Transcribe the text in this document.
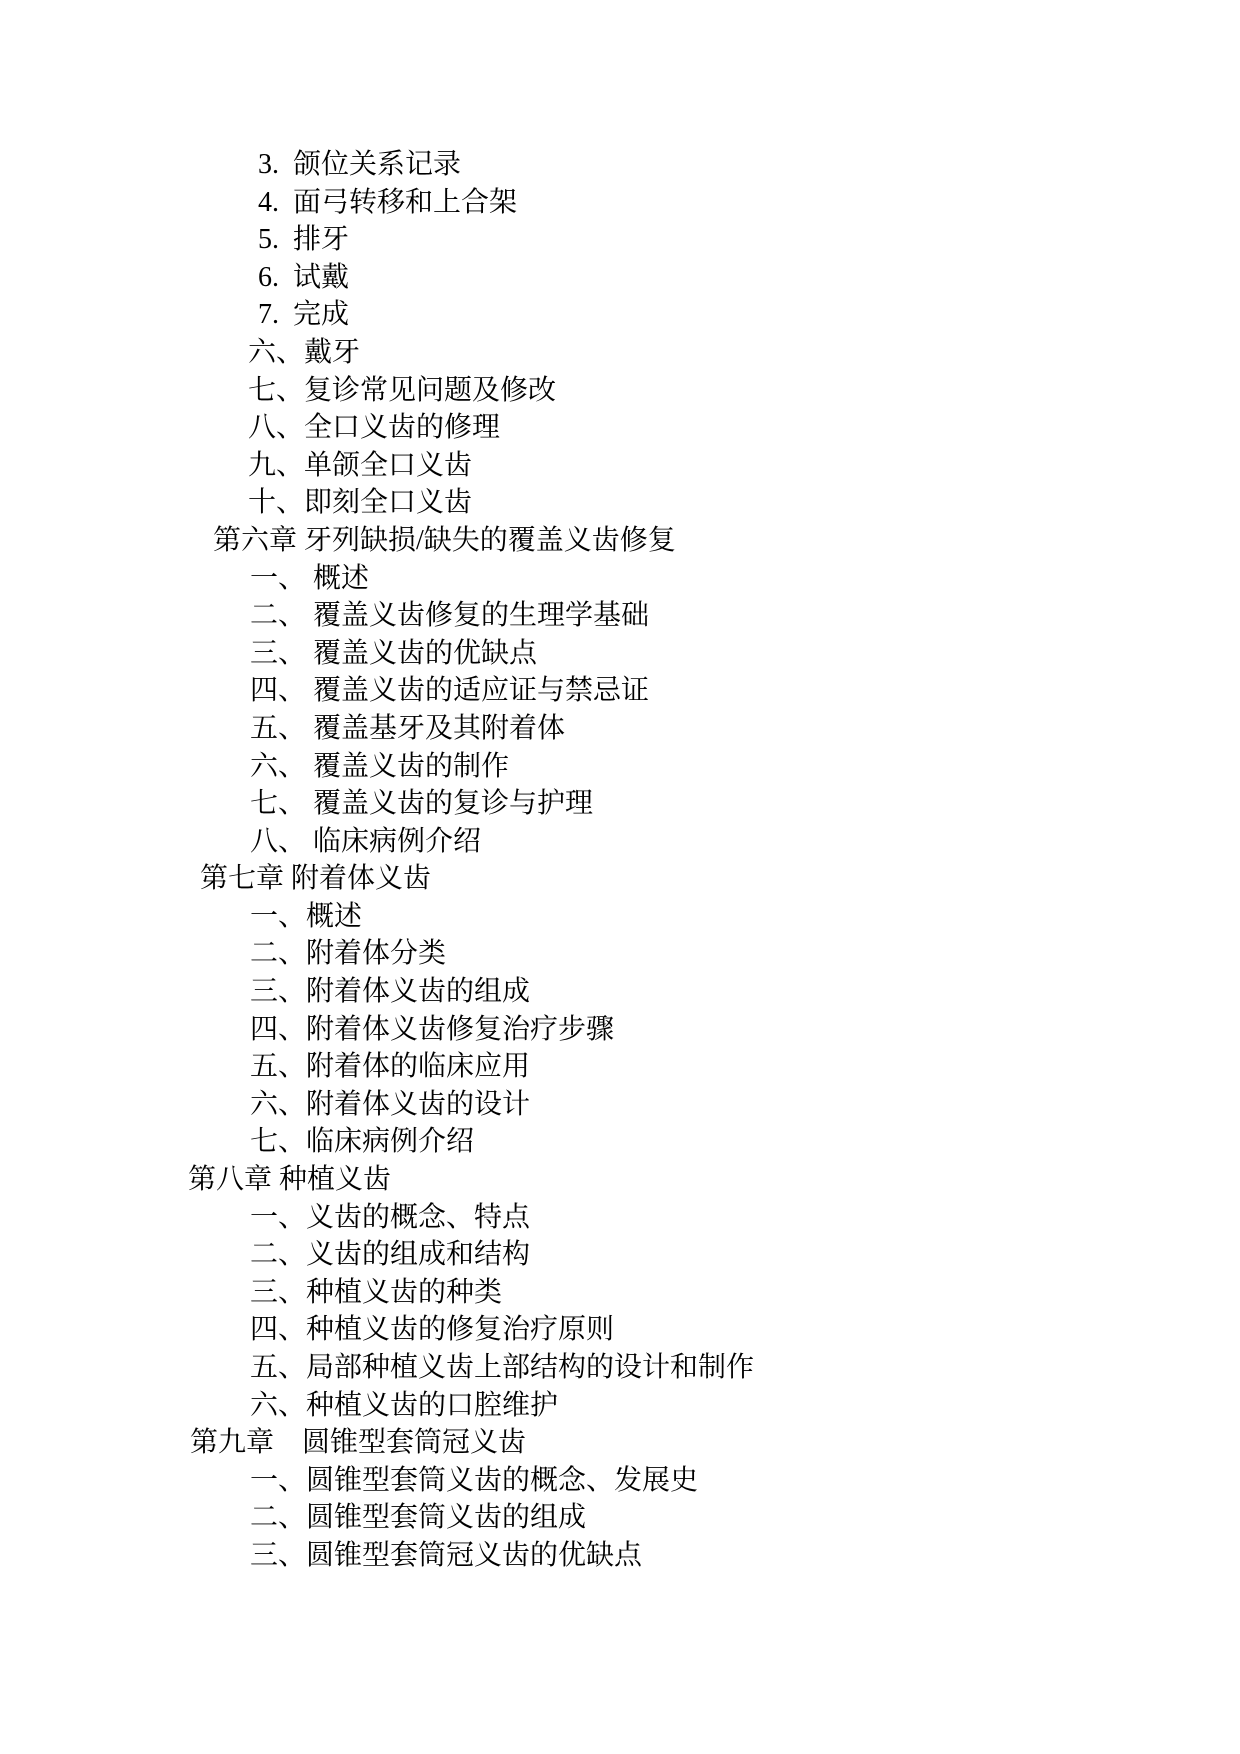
3.  颌位关系记录
4.  面弓转移和上合架
5.  排牙
6.  试戴
7.  完成
六、戴牙
七、复诊常见问题及修改
八、全口义齿的修理
九、单颌全口义齿
十、即刻全口义齿
第六章 牙列缺损/缺失的覆盖义齿修复
一、 概述
二、 覆盖义齿修复的生理学基础
三、 覆盖义齿的优缺点
四、 覆盖义齿的适应证与禁忌证
五、 覆盖基牙及其附着体
六、 覆盖义齿的制作
七、 覆盖义齿的复诊与护理
八、 临床病例介绍
第七章 附着体义齿
一、概述
二、附着体分类
三、附着体义齿的组成
四、附着体义齿修复治疗步骤
五、附着体的临床应用
六、附着体义齿的设计
七、临床病例介绍
第八章 种植义齿
一、义齿的概念、特点
二、义齿的组成和结构
三、种植义齿的种类
四、种植义齿的修复治疗原则
五、局部种植义齿上部结构的设计和制作
六、种植义齿的口腔维护
第九章    圆锥型套筒冠义齿
一、圆锥型套筒义齿的概念、发展史
二、圆锥型套筒义齿的组成
三、圆锥型套筒冠义齿的优缺点
